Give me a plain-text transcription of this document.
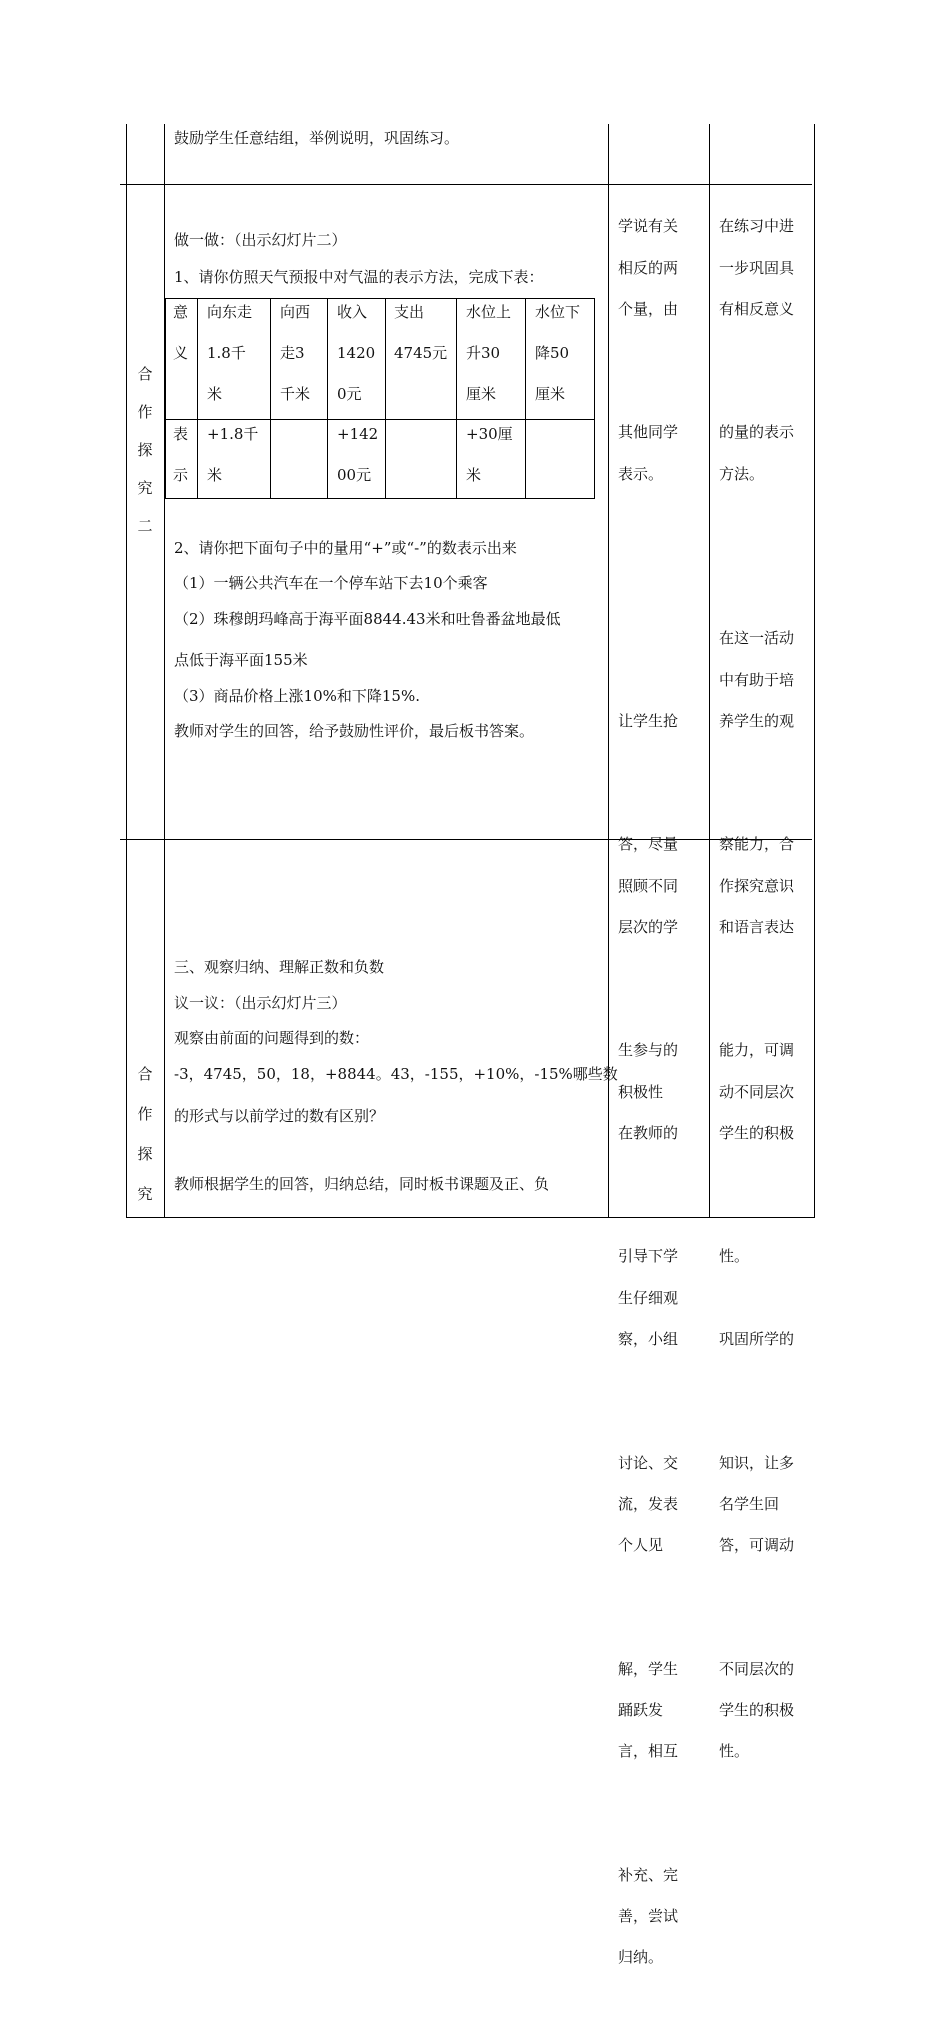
鼓励学生任意结组，举例说明，巩固练习。
合
作
探
究
二
做一做：（出示幻灯片二）
1、请你仿照天气预报中对气温的表示方法，完成下表：
意
义
表
示
向东走
1.8千
米
向西
走3
千米
收入
1420
0元
支出
4745元
水位上
升30
厘米
水位下
降50
厘米
+1.8千
米
+142
00元
+30厘
米
2、请你把下面句子中的量用“+”或“-”的数表示出来
（1）一辆公共汽车在一个停车站下去10个乘客
（2）珠穆朗玛峰高于海平面8844.43米和吐鲁番盆地最低
点低于海平面155米
（3）商品价格上涨10%和下降15%.
教师对学生的回答，给予鼓励性评价，最后板书答案。
合
作
探
究
三、观察归纳、理解正数和负数
议一议：（出示幻灯片三）
观察由前面的问题得到的数：
-3，4745，50，18，+8844。43，-155，+10%，-15%哪些数
的形式与以前学过的数有区别？
教师根据学生的回答，归纳总结，同时板书课题及正、负

学说有关
相反的两
个量，由

其他同学
表示。

让学生抢

答，尽量
照顾不同
层次的学

生参与的
积极性
在教师的

引导下学
生仔细观
察，小组

讨论、交
流，发表
个人见

解，学生
踊跃发
言，相互

补充、完
善，尝试
归纳。

在练习中进
一步巩固具
有相反意义

的量的表示
方法。

在这一活动
中有助于培
养学生的观

察能力，合
作探究意识
和语言表达

能力，可调
动不同层次
学生的积极

性。
巩固所学的

知识，让多
名学生回
答，可调动

不同层次的
学生的积极
性。
